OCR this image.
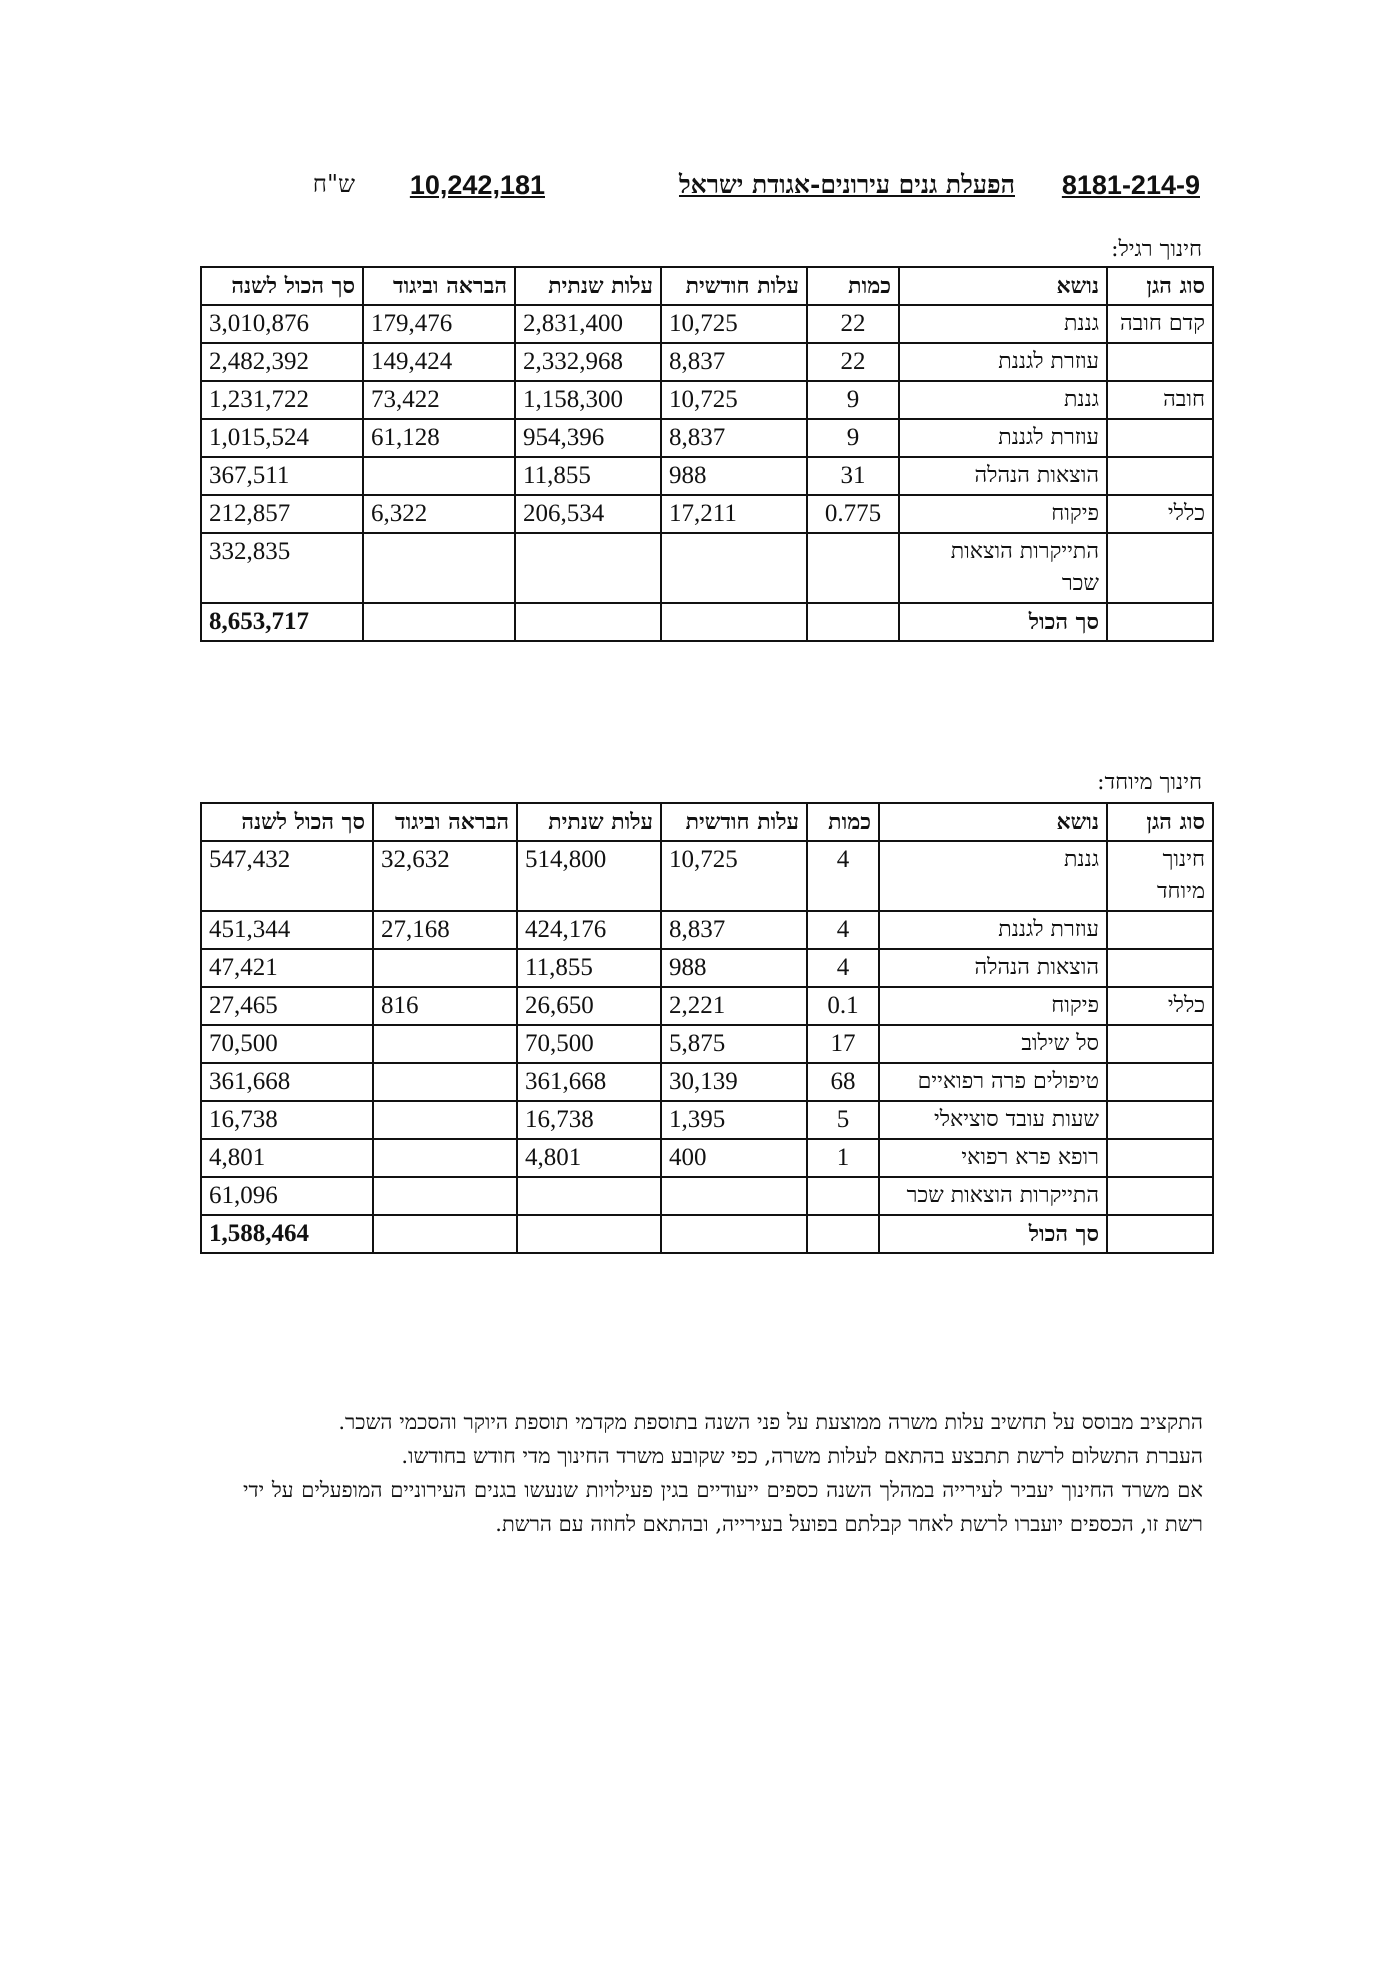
8181-214-9
הפעלת גנים עירונים-אגודת ישראל
10,242,181
ש"ח
חינוך רגיל:
סוג הגן	נושא	כמות	עלות חודשית	עלות שנתית	הבראה וביגוד	סך הכול לשנה
קדם חובה	גננת	22	10,725	2,831,400	179,476	3,010,876
	עוזרת לגננת	22	8,837	2,332,968	149,424	2,482,392
חובה	גננת	9	10,725	1,158,300	73,422	1,231,722
	עוזרת לגננת	9	8,837	954,396	61,128	1,015,524
	הוצאות הנהלה	31	988	11,855		367,511
כללי	פיקוח	0.775	17,211	206,534	6,322	212,857
	התייקרות הוצאות שכר					332,835
	סך הכול					8,653,717
חינוך מיוחד:
סוג הגן	נושא	כמות	עלות חודשית	עלות שנתית	הבראה וביגוד	סך הכול לשנה
חינוך מיוחד	גננת	4	10,725	514,800	32,632	547,432
	עוזרת לגננת	4	8,837	424,176	27,168	451,344
	הוצאות הנהלה	4	988	11,855		47,421
כללי	פיקוח	0.1	2,221	26,650	816	27,465
	סל שילוב	17	5,875	70,500		70,500
	טיפולים פרה רפואיים	68	30,139	361,668		361,668
	שעות עובד סוציאלי	5	1,395	16,738		16,738
	רופא פרא רפואי	1	400	4,801		4,801
	התייקרות הוצאות שכר					61,096
	סך הכול					1,588,464

התקציב מבוסס על תחשיב עלות משרה ממוצעת על פני השנה בתוספת מקדמי תוספת היוקר והסכמי השכר.

העברת התשלום לרשת תתבצע בהתאם לעלות משרה, כפי שקובע משרד החינוך מדי חודש בחודשו.

אם משרד החינוך יעביר לעירייה במהלך השנה כספים ייעודיים בגין פעילויות שנעשו בגנים העירוניים המופעלים על ידי רשת זו, הכספים יועברו לרשת לאחר קבלתם בפועל בעירייה, ובהתאם לחוזה עם הרשת.
